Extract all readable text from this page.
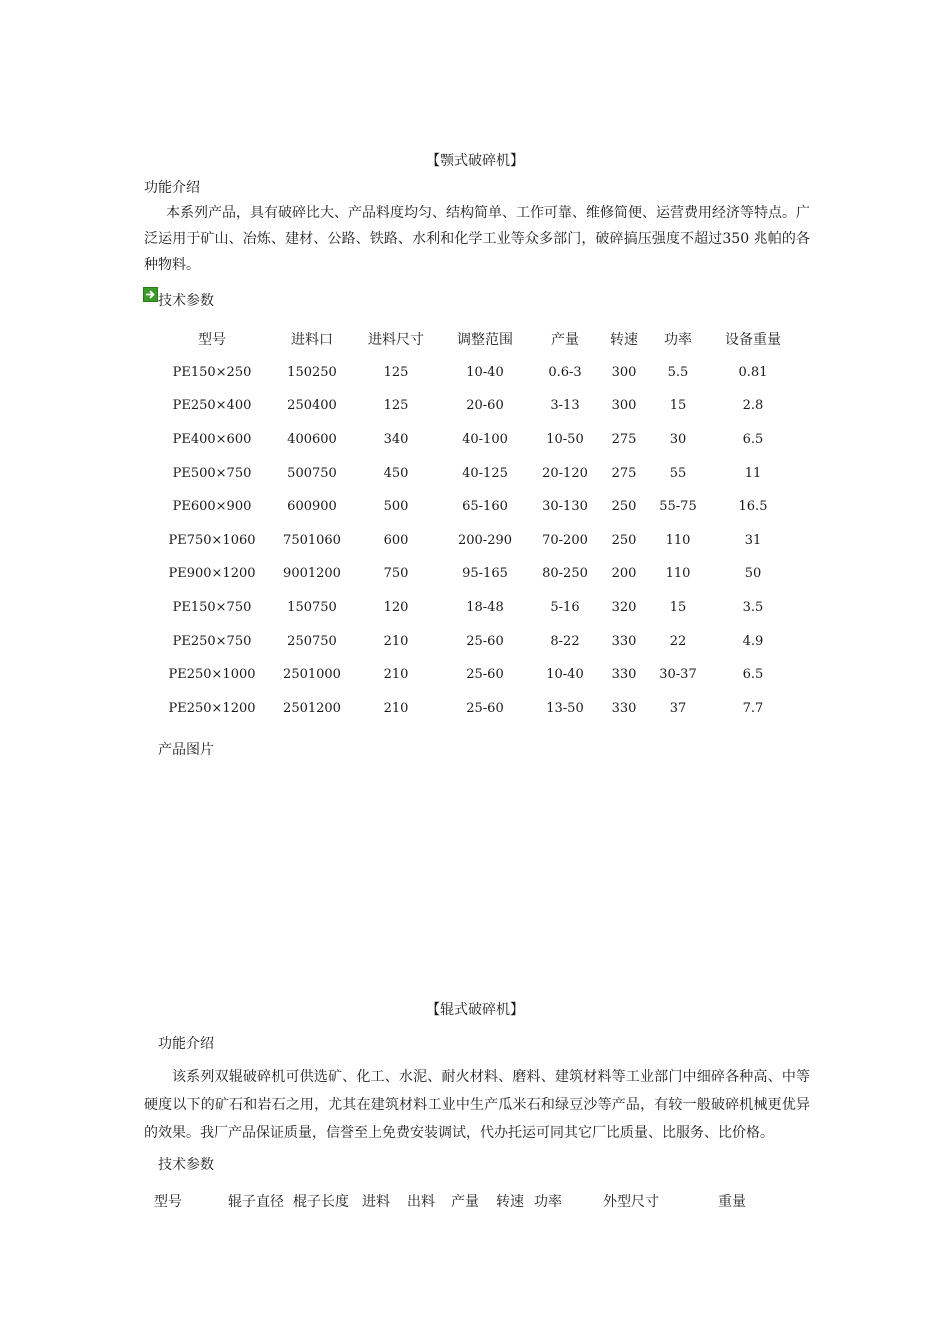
【颚式破碎机】
功能介绍
本系列产品，具有破碎比大、产品料度均匀、结构简单、工作可靠、维修简便、运营费用经济等特点。广泛运用于矿山、冶炼、建材、公路、铁路、水利和化学工业等众多部门，破碎搞压强度不超过350 兆帕的各种物料。
技术参数
型号	进料口	进料尺寸	调整范围	产量	转速	功率	设备重量
PE150×250	150250	125	10-40	0.6-3	300	5.5	0.81
PE250×400	250400	125	20-60	3-13	300	15	2.8
PE400×600	400600	340	40-100	10-50	275	30	6.5
PE500×750	500750	450	40-125	20-120	275	55	11
PE600×900	600900	500	65-160	30-130	250	55-75	16.5
PE750×1060	7501060	600	200-290	70-200	250	110	31
PE900×1200	9001200	750	95-165	80-250	200	110	50
PE150×750	150750	120	18-48	5-16	320	15	3.5
PE250×750	250750	210	25-60	8-22	330	22	4.9
PE250×1000	2501000	210	25-60	10-40	330	30-37	6.5
PE250×1200	2501200	210	25-60	13-50	330	37	7.7
产品图片
【辊式破碎机】
功能介绍
该系列双辊破碎机可供选矿、化工、水泥、耐火材料、磨料、建筑材料等工业部门中细碎各种高、中等硬度以下的矿石和岩石之用，尤其在建筑材料工业中生产瓜米石和绿豆沙等产品，有较一般破碎机械更优异的效果。我厂产品保证质量，信誉至上免费安装调试，代办托运可同其它厂比质量、比服务、比价格。
技术参数
型号	辊子直径 棍子长度 进料 出料 产量 转速 功率	外型尺寸	重量
